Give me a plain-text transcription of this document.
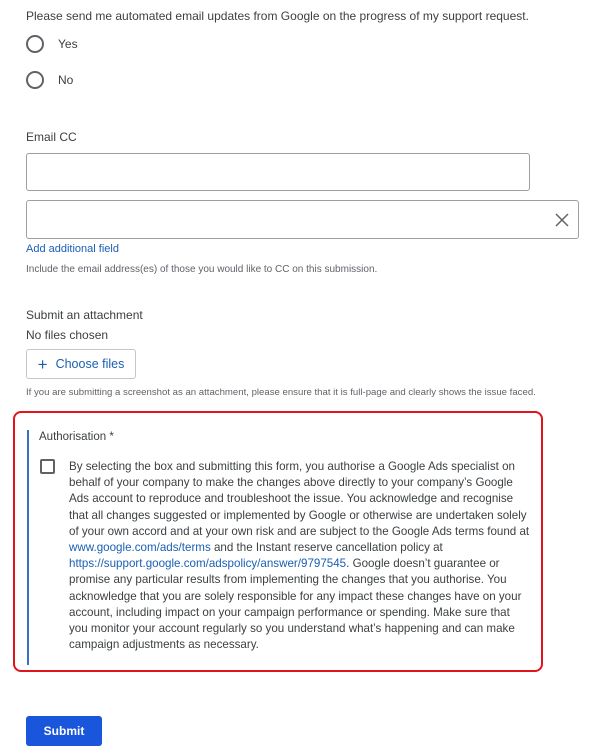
Please send me automated email updates from Google on the progress of my support request.
Yes
No
Email CC
Add additional field
Include the email address(es) of those you would like to CC on this submission.
Submit an attachment
No files chosen
+ Choose files
If you are submitting a screenshot as an attachment, please ensure that it is full-page and clearly shows the issue faced.
Authorisation *
By selecting the box and submitting this form, you authorise a Google Ads specialist on behalf of your company to make the changes above directly to your company’s Google Ads account to reproduce and troubleshoot the issue. You acknowledge and recognise that all changes suggested or implemented by Google or otherwise are undertaken solely of your own accord and at your own risk and are subject to the Google Ads terms found at www.google.com/ads/terms and the Instant reserve cancellation policy at https://support.google.com/adspolicy/answer/9797545. Google doesn’t guarantee or promise any particular results from implementing the changes that you authorise. You acknowledge that you are solely responsible for any impact these changes have on your account, including impact on your campaign performance or spending. Make sure that you monitor your account regularly so you understand what’s happening and can make campaign adjustments as necessary.
Submit
